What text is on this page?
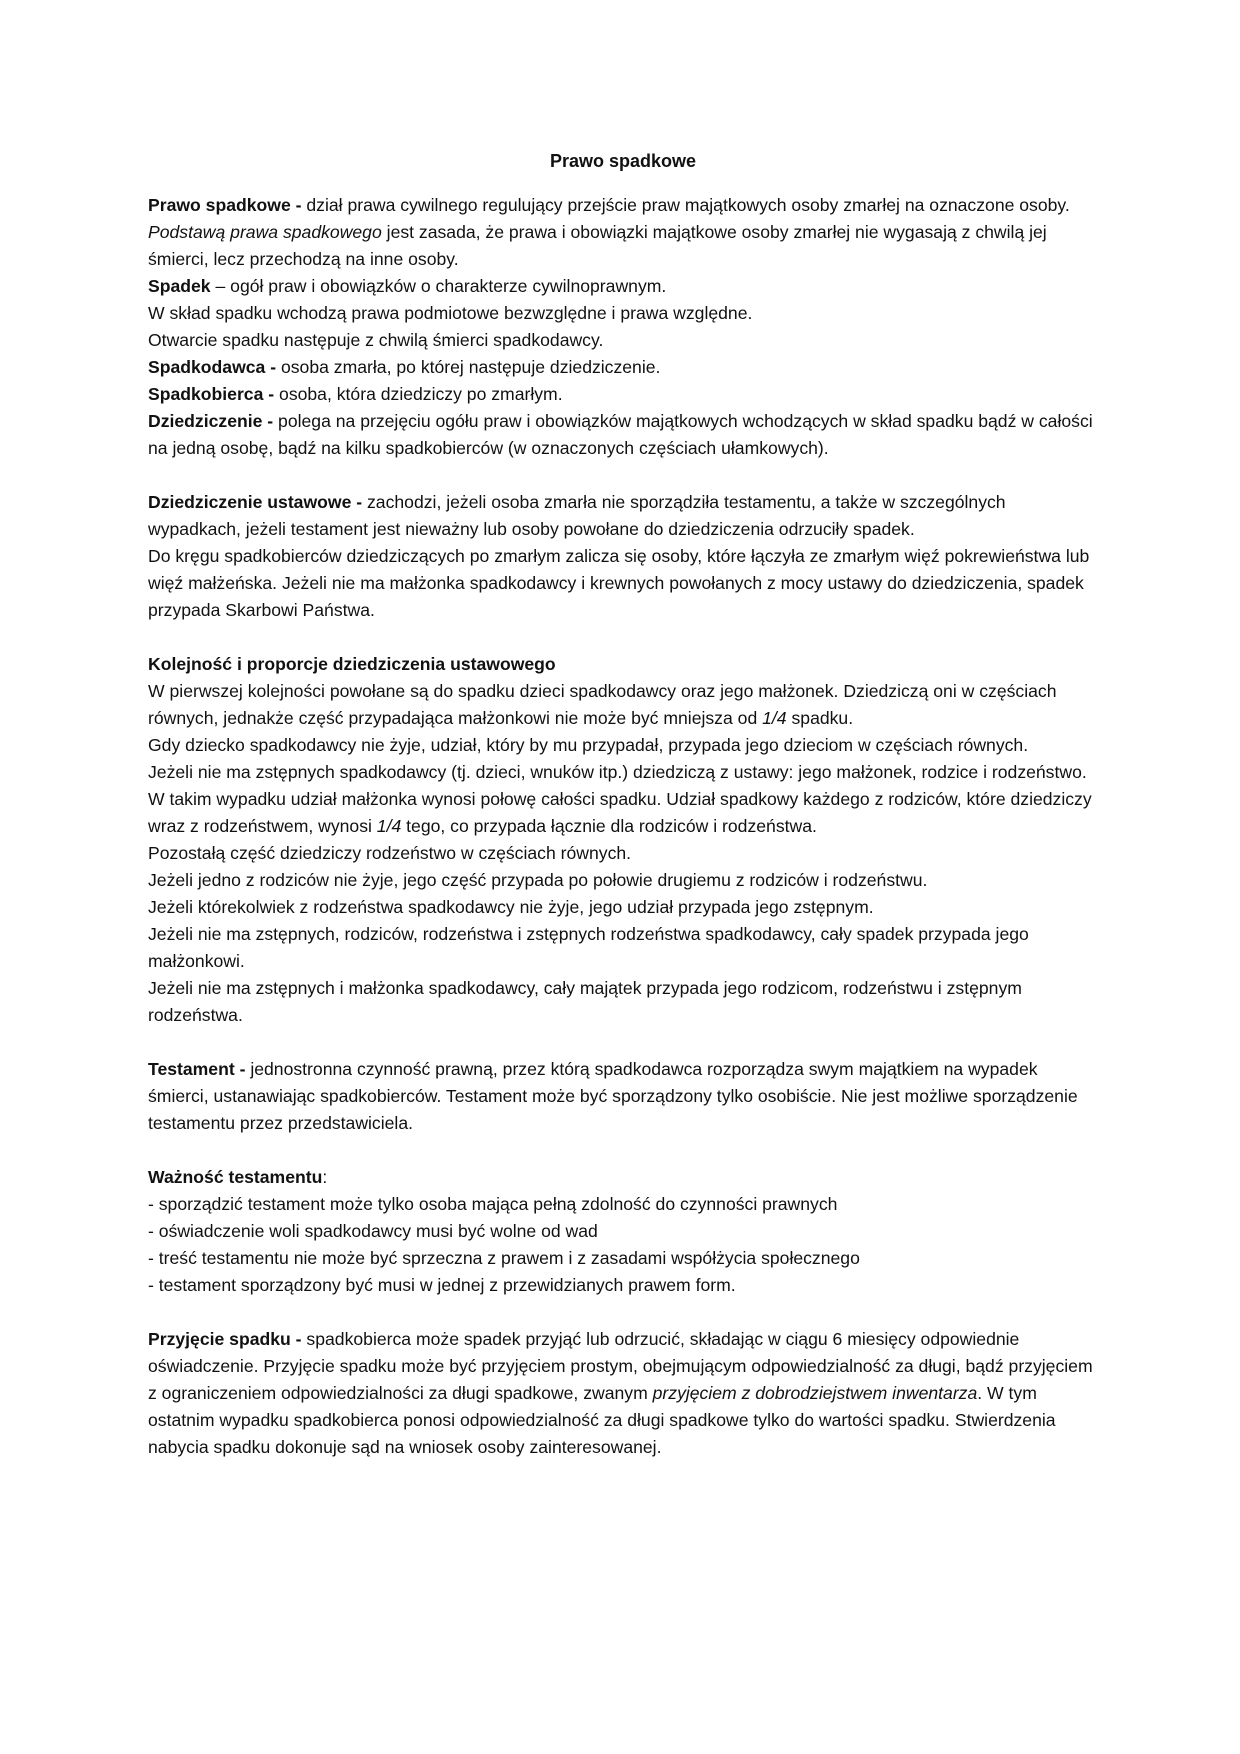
Prawo spadkowe

Prawo spadkowe - dział prawa cywilnego regulujący przejście praw majątkowych osoby zmarłej na oznaczone osoby.

Podstawą prawa spadkowego jest zasada, że prawa i obowiązki majątkowe osoby zmarłej nie wygasają z chwilą jej śmierci, lecz przechodzą na inne osoby.

Spadek – ogół praw i obowiązków o charakterze cywilnoprawnym.

W skład spadku wchodzą prawa podmiotowe bezwzględne i prawa względne.

Otwarcie spadku następuje z chwilą śmierci spadkodawcy.

Spadkodawca - osoba zmarła, po której następuje dziedziczenie.

Spadkobierca - osoba, która dziedziczy po zmarłym.

Dziedziczenie - polega na przejęciu ogółu praw i obowiązków majątkowych wchodzących w skład spadku bądź w całości na jedną osobę, bądź na kilku spadkobierców (w oznaczonych częściach ułamkowych).

Dziedziczenie ustawowe - zachodzi, jeżeli osoba zmarła nie sporządziła testamentu, a także w szczególnych wypadkach, jeżeli testament jest nieważny lub osoby powołane do dziedziczenia odrzuciły spadek.

Do kręgu spadkobierców dziedziczących po zmarłym zalicza się osoby, które łączyła ze zmarłym więź pokrewieństwa lub więź małżeńska. Jeżeli nie ma małżonka spadkodawcy i krewnych powołanych z mocy ustawy do dziedziczenia, spadek przypada Skarbowi Państwa.

Kolejność i proporcje dziedziczenia ustawowego

W pierwszej kolejności powołane są do spadku dzieci spadkodawcy oraz jego małżonek. Dziedziczą oni w częściach równych, jednakże część przypadająca małżonkowi nie może być mniejsza od 1/4 spadku.

Gdy dziecko spadkodawcy nie żyje, udział, który by mu przypadał, przypada jego dzieciom w częściach równych.

Jeżeli nie ma zstępnych spadkodawcy (tj. dzieci, wnuków itp.) dziedziczą z ustawy: jego małżonek, rodzice i rodzeństwo. W takim wypadku udział małżonka wynosi połowę całości spadku. Udział spadkowy każdego z rodziców, które dziedziczy wraz z rodzeństwem, wynosi 1/4 tego, co przypada łącznie dla rodziców i rodzeństwa.

Pozostałą część dziedziczy rodzeństwo w częściach równych.

Jeżeli jedno z rodziców nie żyje, jego część przypada po połowie drugiemu z rodziców i rodzeństwu.

Jeżeli którekolwiek z rodzeństwa spadkodawcy nie żyje, jego udział przypada jego zstępnym.

Jeżeli nie ma zstępnych, rodziców, rodzeństwa i zstępnych rodzeństwa spadkodawcy, cały spadek przypada jego małżonkowi.

Jeżeli nie ma zstępnych i małżonka spadkodawcy, cały majątek przypada jego rodzicom, rodzeństwu i zstępnym rodzeństwa.

Testament - jednostronna czynność prawną, przez którą spadkodawca rozporządza swym majątkiem na wypadek śmierci, ustanawiając spadkobierców. Testament może być sporządzony tylko osobiście. Nie jest możliwe sporządzenie testamentu przez przedstawiciela.

Ważność testamentu:

- sporządzić testament może tylko osoba mająca pełną zdolność do czynności prawnych

- oświadczenie woli spadkodawcy musi być wolne od wad

- treść testamentu nie może być sprzeczna z prawem i z zasadami współżycia społecznego

- testament sporządzony być musi w jednej z przewidzianych prawem form.

Przyjęcie spadku - spadkobierca może spadek przyjąć lub odrzucić, składając w ciągu 6 miesięcy odpowiednie oświadczenie. Przyjęcie spadku może być przyjęciem prostym, obejmującym odpowiedzialność za długi, bądź przyjęciem z ograniczeniem odpowiedzialności za długi spadkowe, zwanym przyjęciem z dobrodziejstwem inwentarza. W tym ostatnim wypadku spadkobierca ponosi odpowiedzialność za długi spadkowe tylko do wartości spadku. Stwierdzenia nabycia spadku dokonuje sąd na wniosek osoby zainteresowanej.
